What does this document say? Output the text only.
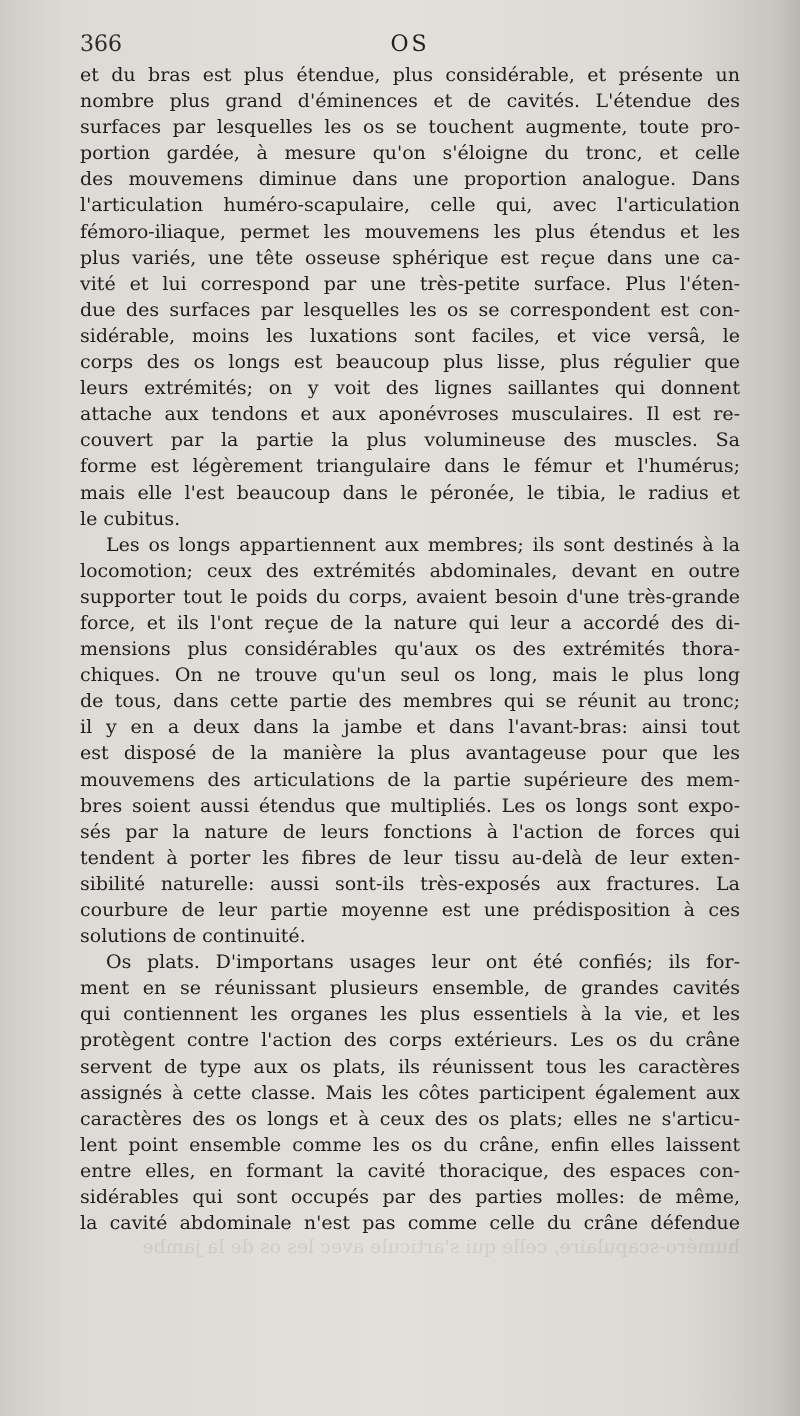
366	OS
et du bras est plus étendue, plus considérable, et présente un
nombre plus grand d'éminences et de cavités. L'étendue des
surfaces par lesquelles les os se touchent augmente, toute pro-
portion gardée, à mesure qu'on s'éloigne du tronc, et celle
des mouvemens diminue dans une proportion analogue. Dans
l'articulation huméro-scapulaire, celle qui, avec l'articulation
fémoro-iliaque, permet les mouvemens les plus étendus et les
plus variés, une tête osseuse sphérique est reçue dans une ca-
vité et lui correspond par une très-petite surface. Plus l'éten-
due des surfaces par lesquelles les os se correspondent est con-
sidérable, moins les luxations sont faciles, et vice versâ, le
corps des os longs est beaucoup plus lisse, plus régulier que
leurs extrémités; on y voit des lignes saillantes qui donnent
attache aux tendons et aux aponévroses musculaires. Il est re-
couvert par la partie la plus volumineuse des muscles. Sa
forme est légèrement triangulaire dans le fémur et l'humérus;
mais elle l'est beaucoup dans le péronée, le tibia, le radius et
le cubitus.
Les os longs appartiennent aux membres; ils sont destinés à la
locomotion; ceux des extrémités abdominales, devant en outre
supporter tout le poids du corps, avaient besoin d'une très-grande
force, et ils l'ont reçue de la nature qui leur a accordé des di-
mensions plus considérables qu'aux os des extrémités thora-
chiques. On ne trouve qu'un seul os long, mais le plus long
de tous, dans cette partie des membres qui se réunit au tronc;
il y en a deux dans la jambe et dans l'avant-bras: ainsi tout
est disposé de la manière la plus avantageuse pour que les
mouvemens des articulations de la partie supérieure des mem-
bres soient aussi étendus que multipliés. Les os longs sont expo-
sés par la nature de leurs fonctions à l'action de forces qui
tendent à porter les fibres de leur tissu au-delà de leur exten-
sibilité naturelle: aussi sont-ils très-exposés aux fractures. La
courbure de leur partie moyenne est une prédisposition à ces
solutions de continuité.
Os plats. D'importans usages leur ont été confiés; ils for-
ment en se réunissant plusieurs ensemble, de grandes cavités
qui contiennent les organes les plus essentiels à la vie, et les
protègent contre l'action des corps extérieurs. Les os du crâne
servent de type aux os plats, ils réunissent tous les caractères
assignés à cette classe. Mais les côtes participent également aux
caractères des os longs et à ceux des os plats; elles ne s'articu-
lent point ensemble comme les os du crâne, enfin elles laissent
entre elles, en formant la cavité thoracique, des espaces con-
sidérables qui sont occupés par des parties molles: de même,
la cavité abdominale n'est pas comme celle du crâne défendue
huméro-scapulaire, celle qui s'articule avec les os de la jambe
